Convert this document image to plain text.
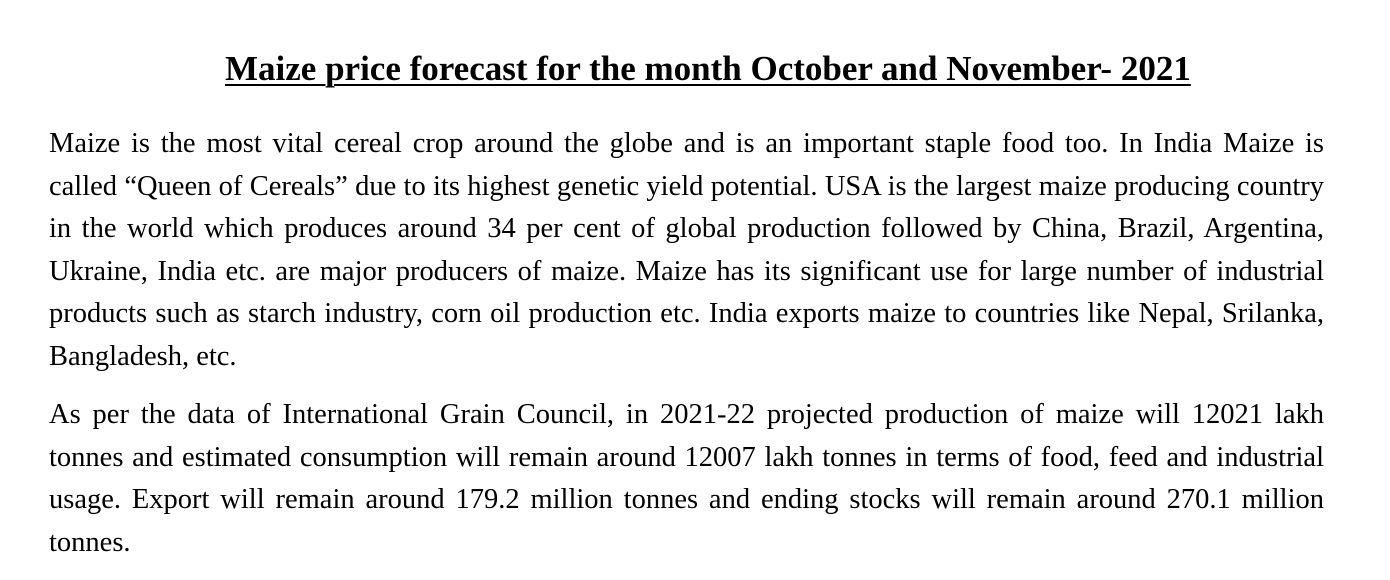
Maize price forecast for the month October and November- 2021

Maize is the most vital cereal crop around the globe and is an important staple food too. In India Maize is called “Queen of Cereals” due to its highest genetic yield potential. USA is the largest maize producing country in the world which produces around 34 per cent of global production followed by China, Brazil, Argentina, Ukraine, India etc. are major producers of maize. Maize has its significant use for large number of industrial products such as starch industry, corn oil production etc. India exports maize to countries like Nepal, Srilanka, Bangladesh, etc.

As per the data of International Grain Council, in 2021-22 projected production of maize will 12021 lakh tonnes and estimated consumption will remain around 12007 lakh tonnes in terms of food, feed and industrial usage. Export will remain around 179.2 million tonnes and ending stocks will remain around 270.1 million tonnes.
